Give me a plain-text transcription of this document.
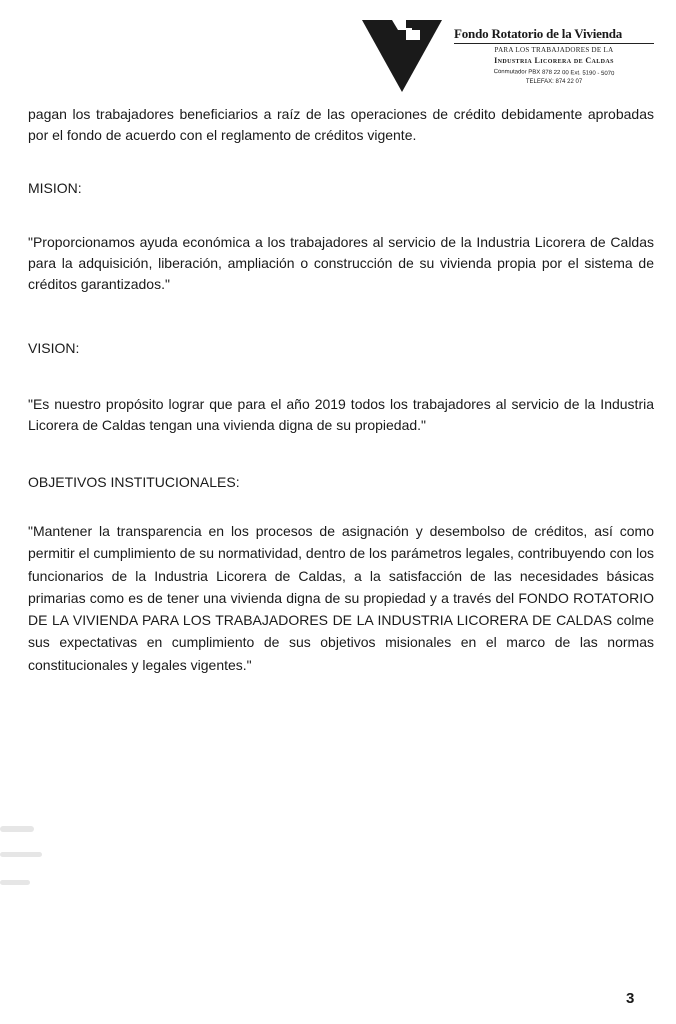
Fondo Rotatorio de la Vivienda
PARA LOS TRABAJADORES DE LA
Industria Licorera de Caldas
Conmutador PBX 878 22 00 Ext. 5190 - 5070
TELEFAX: 874 22 07

pagan los trabajadores beneficiarios a raíz de las operaciones de crédito debidamente aprobadas por el fondo de acuerdo con el reglamento de créditos vigente.

MISION:

"Proporcionamos ayuda económica a los trabajadores al servicio de la Industria Licorera de Caldas para la adquisición, liberación, ampliación o construcción de su vivienda propia por el sistema de créditos garantizados."

VISION:

"Es nuestro propósito lograr que para el año 2019 todos los trabajadores al servicio de la Industria Licorera de Caldas tengan una vivienda digna de su propiedad."

OBJETIVOS INSTITUCIONALES:

"Mantener la transparencia en los procesos de asignación y desembolso de créditos, así como permitir el cumplimiento de su normatividad, dentro de los parámetros legales, contribuyendo con los funcionarios de la Industria Licorera de Caldas, a la satisfacción de las necesidades básicas primarias como es de tener una vivienda digna de su propiedad y a través del FONDO ROTATORIO DE LA VIVIENDA PARA LOS TRABAJADORES DE LA INDUSTRIA LICORERA DE CALDAS colme sus expectativas en cumplimiento de sus objetivos misionales en el marco de las normas constitucionales y legales vigentes."

3
